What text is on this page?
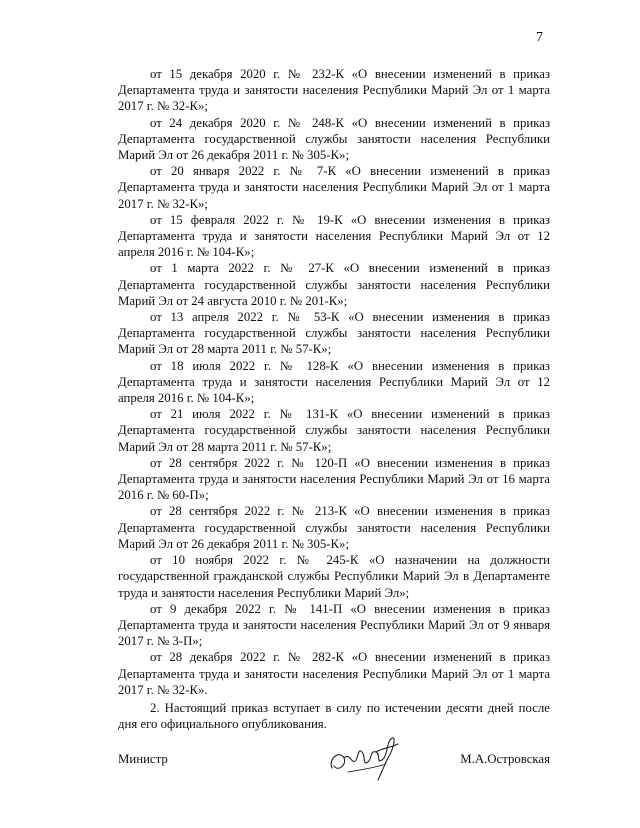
7

от 15 декабря 2020 г. № 232-К «О внесении изменений в приказ Департамента труда и занятости населения Республики Марий Эл от 1 марта 2017 г. № 32-К»;

от 24 декабря 2020 г. № 248-К «О внесении изменений в приказ Департамента государственной службы занятости населения Республики Марий Эл от 26 декабря 2011 г. № 305-К»;

от 20 января 2022 г. № 7-К «О внесении изменений в приказ Департамента труда и занятости населения Республики Марий Эл от 1 марта 2017 г. № 32-К»;

от 15 февраля 2022 г. № 19-К «О внесении изменения в приказ Департамента труда и занятости населения Республики Марий Эл от 12 апреля 2016 г. № 104-К»;

от 1 марта 2022 г. № 27-К «О внесении изменений в приказ Департамента государственной службы занятости населения Республики Марий Эл от 24 августа 2010 г. № 201-К»;

от 13 апреля 2022 г. № 53-К «О внесении изменения в приказ Департамента государственной службы занятости населения Республики Марий Эл от 28 марта 2011 г. № 57-К»;

от 18 июля 2022 г. № 128-К «О внесении изменения в приказ Департамента труда и занятости населения Республики Марий Эл от 12 апреля 2016 г. № 104-К»;

от 21 июля 2022 г. № 131-К «О внесении изменений в приказ Департамента государственной службы занятости населения Республики Марий Эл от 28 марта 2011 г. № 57-К»;

от 28 сентября 2022 г. № 120-П «О внесении изменения в приказ Департамента труда и занятости населения Республики Марий Эл от 16 марта 2016 г. № 60-П»;

от 28 сентября 2022 г. № 213-К «О внесении изменения в приказ Департамента государственной службы занятости населения Республики Марий Эл от 26 декабря 2011 г. № 305-К»;

от 10 ноября 2022 г. № 245-К «О назначении на должности государственной гражданской службы Республики Марий Эл в Департаменте труда и занятости населения Республики Марий Эл»;

от 9 декабря 2022 г. № 141-П «О внесении изменения в приказ Департамента труда и занятости населения Республики Марий Эл от 9 января 2017 г. № 3-П»;

от 28 декабря 2022 г. № 282-К «О внесении изменений в приказ Департамента труда и занятости населения Республики Марий Эл от 1 марта 2017 г. № 32-К».

2. Настоящий приказ вступает в силу по истечении десяти дней после дня его официального опубликования.

Министр	М.А.Островская
